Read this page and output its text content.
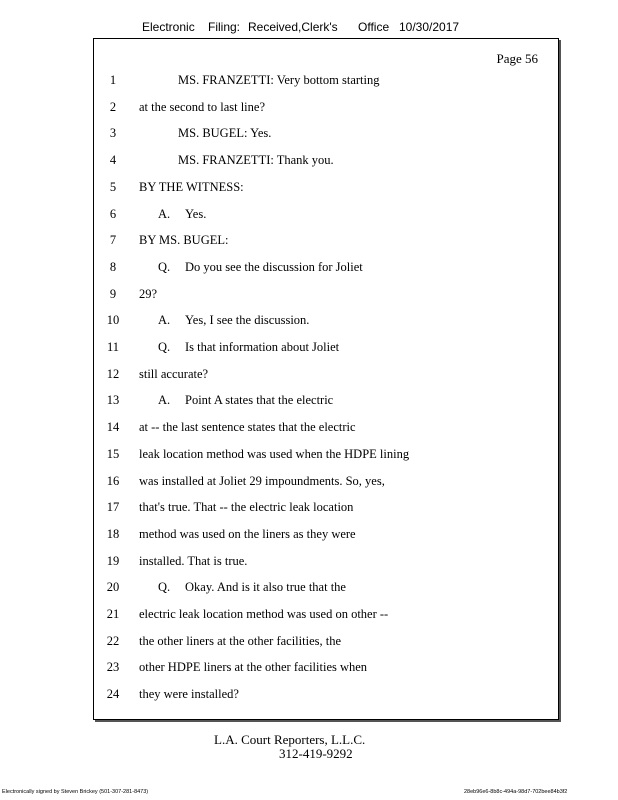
Electronic Filing: Received,Clerk's Office 10/30/2017
Page 56
1	MS. FRANZETTI: Very bottom starting
2	at the second to last line?
3	MS. BUGEL: Yes.
4	MS. FRANZETTI: Thank you.
5	BY THE WITNESS:
6	A. Yes.
7	BY MS. BUGEL:
8	Q. Do you see the discussion for Joliet
9	29?
10	A. Yes, I see the discussion.
11	Q. Is that information about Joliet
12	still accurate?
13	A. Point A states that the electric
14	at -- the last sentence states that the electric
15	leak location method was used when the HDPE lining
16	was installed at Joliet 29 impoundments. So, yes,
17	that's true. That -- the electric leak location
18	method was used on the liners as they were
19	installed. That is true.
20	Q. Okay. And is it also true that the
21	electric leak location method was used on other --
22	the other liners at the other facilities, the
23	other HDPE liners at the other facilities when
24	they were installed?
L.A. Court Reporters, L.L.C.
312-419-9292
Electronically signed by Steven Brickey (501-307-281-8473)	28eb96e6-8b8c-494a-98d7-702bee84b3f2
